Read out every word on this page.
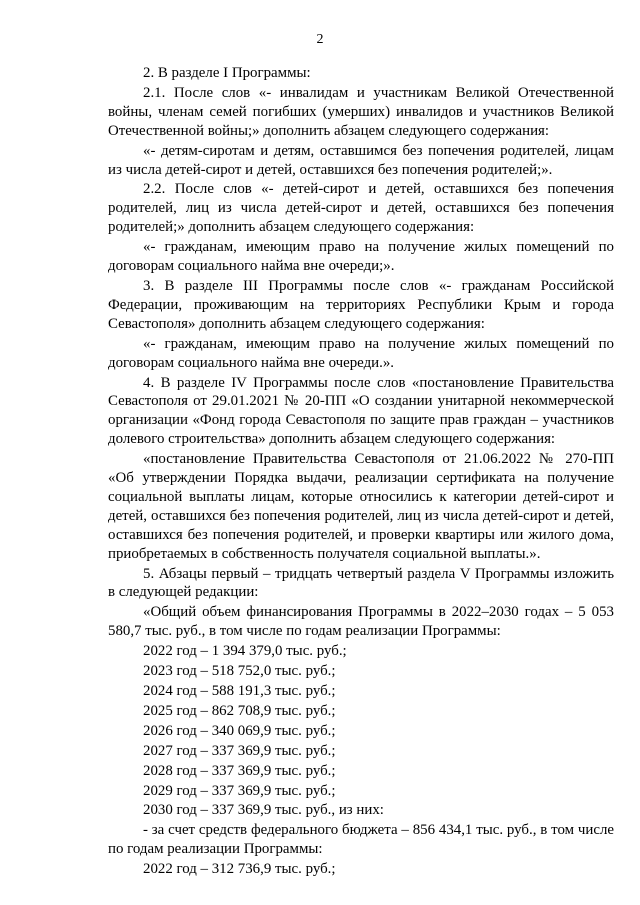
2

2. В разделе I Программы:

2.1. После слов «- инвалидам и участникам Великой Отечественной войны, членам семей погибших (умерших) инвалидов и участников Великой Отечественной войны;» дополнить абзацем следующего содержания:

«- детям-сиротам и детям, оставшимся без попечения родителей, лицам из числа детей-сирот и детей, оставшихся без попечения родителей;».

2.2. После слов «- детей-сирот и детей, оставшихся без попечения родителей, лиц из числа детей-сирот и детей, оставшихся без попечения родителей;» дополнить абзацем следующего содержания:

«- гражданам, имеющим право на получение жилых помещений по договорам социального найма вне очереди;».

3. В разделе III Программы после слов «- гражданам Российской Федерации, проживающим на территориях Республики Крым и города Севастополя» дополнить абзацем следующего содержания:

«- гражданам, имеющим право на получение жилых помещений по договорам социального найма вне очереди.».

4. В разделе IV Программы после слов «постановление Правительства Севастополя от 29.01.2021 № 20-ПП «О создании унитарной некоммерческой организации «Фонд города Севастополя по защите прав граждан – участников долевого строительства» дополнить абзацем следующего содержания:

«постановление Правительства Севастополя от 21.06.2022 № 270-ПП «Об утверждении Порядка выдачи, реализации сертификата на получение социальной выплаты лицам, которые относились к категории детей-сирот и детей, оставшихся без попечения родителей, лиц из числа детей-сирот и детей, оставшихся без попечения родителей, и проверки квартиры или жилого дома, приобретаемых в собственность получателя социальной выплаты.».

5. Абзацы первый – тридцать четвертый раздела V Программы изложить в следующей редакции:

«Общий объем финансирования Программы в 2022–2030 годах – 5 053 580,7 тыс. руб., в том числе по годам реализации Программы:

2022 год – 1 394 379,0 тыс. руб.;
2023 год – 518 752,0 тыс. руб.;
2024 год – 588 191,3 тыс. руб.;
2025 год – 862 708,9 тыс. руб.;
2026 год – 340 069,9 тыс. руб.;
2027 год – 337 369,9 тыс. руб.;
2028 год – 337 369,9 тыс. руб.;
2029 год – 337 369,9 тыс. руб.;
2030 год – 337 369,9 тыс. руб., из них:

- за счет средств федерального бюджета – 856 434,1 тыс. руб., в том числе по годам реализации Программы:

2022 год – 312 736,9 тыс. руб.;
